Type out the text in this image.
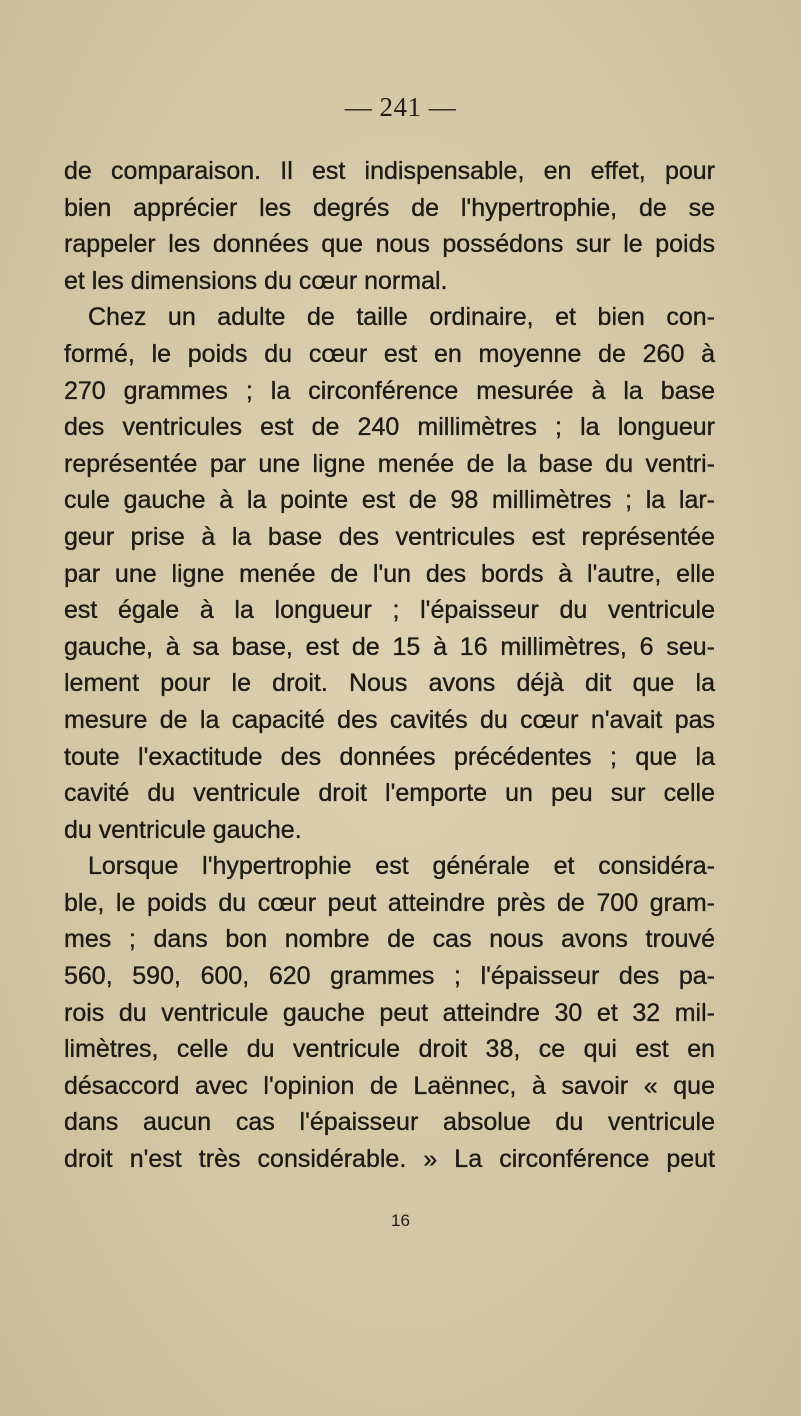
— 241 —
de comparaison. Il est indispensable, en effet, pour
bien apprécier les degrés de l'hypertrophie, de se
rappeler les données que nous possédons sur le poids
et les dimensions du cœur normal.
Chez un adulte de taille ordinaire, et bien con-
formé, le poids du cœur est en moyenne de 260 à
270 grammes ; la circonférence mesurée à la base
des ventricules est de 240 millimètres ; la longueur
représentée par une ligne menée de la base du ventri-
cule gauche à la pointe est de 98 millimètres ; la lar-
geur prise à la base des ventricules est représentée
par une ligne menée de l'un des bords à l'autre, elle
est égale à la longueur ; l'épaisseur du ventricule
gauche, à sa base, est de 15 à 16 millimètres, 6 seu-
lement pour le droit. Nous avons déjà dit que la
mesure de la capacité des cavités du cœur n'avait pas
toute l'exactitude des données précédentes ; que la
cavité du ventricule droit l'emporte un peu sur celle
du ventricule gauche.
Lorsque l'hypertrophie est générale et considéra-
ble, le poids du cœur peut atteindre près de 700 gram-
mes ; dans bon nombre de cas nous avons trouvé
560, 590, 600, 620 grammes ; l'épaisseur des pa-
rois du ventricule gauche peut atteindre 30 et 32 mil-
limètres, celle du ventricule droit 38, ce qui est en
désaccord avec l'opinion de Laënnec, à savoir « que
dans aucun cas l'épaisseur absolue du ventricule
droit n'est très considérable. » La circonférence peut
16
